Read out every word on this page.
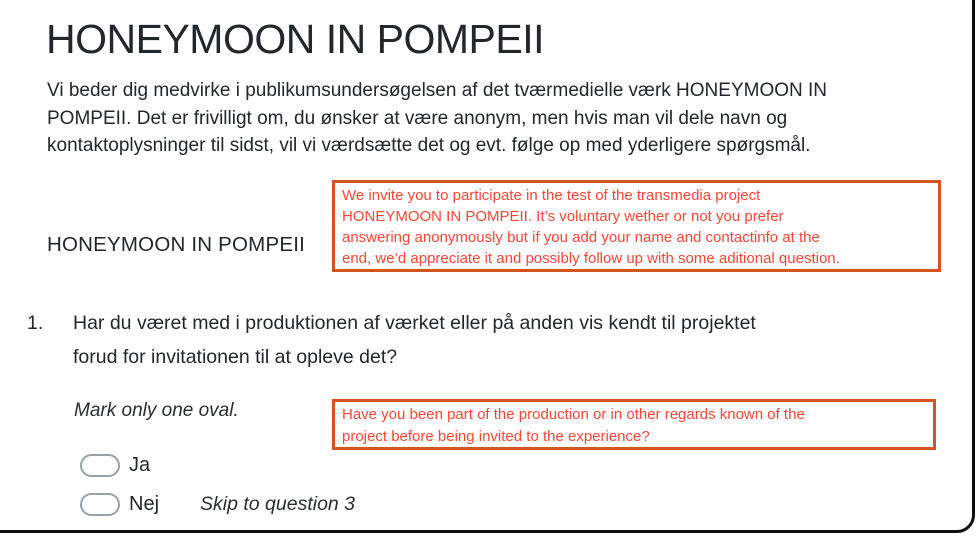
HONEYMOON IN POMPEII
Vi beder dig medvirke i publikumsundersøgelsen af det tværmedielle værk HONEYMOON IN
POMPEII. Det er frivilligt om, du ønsker at være anonym, men hvis man vil dele navn og
kontaktoplysninger til sidst, vil vi værdsætte det og evt. følge op med yderligere spørgsmål.
We invite you to participate in the test of the transmedia project
HONEYMOON IN POMPEII. It’s voluntary wether or not you prefer
answering anonymously but if you add your name and contactinfo at the
end, we’d appreciate it and possibly follow up with some aditional question.
HONEYMOON IN POMPEII
1. Har du været med i produktionen af værket eller på anden vis kendt til projektet
forud for invitationen til at opleve det?
Mark only one oval.	Have you been part of the production or in other regards known of the
project before being invited to the experience?
Ja
Nej Skip to question 3
